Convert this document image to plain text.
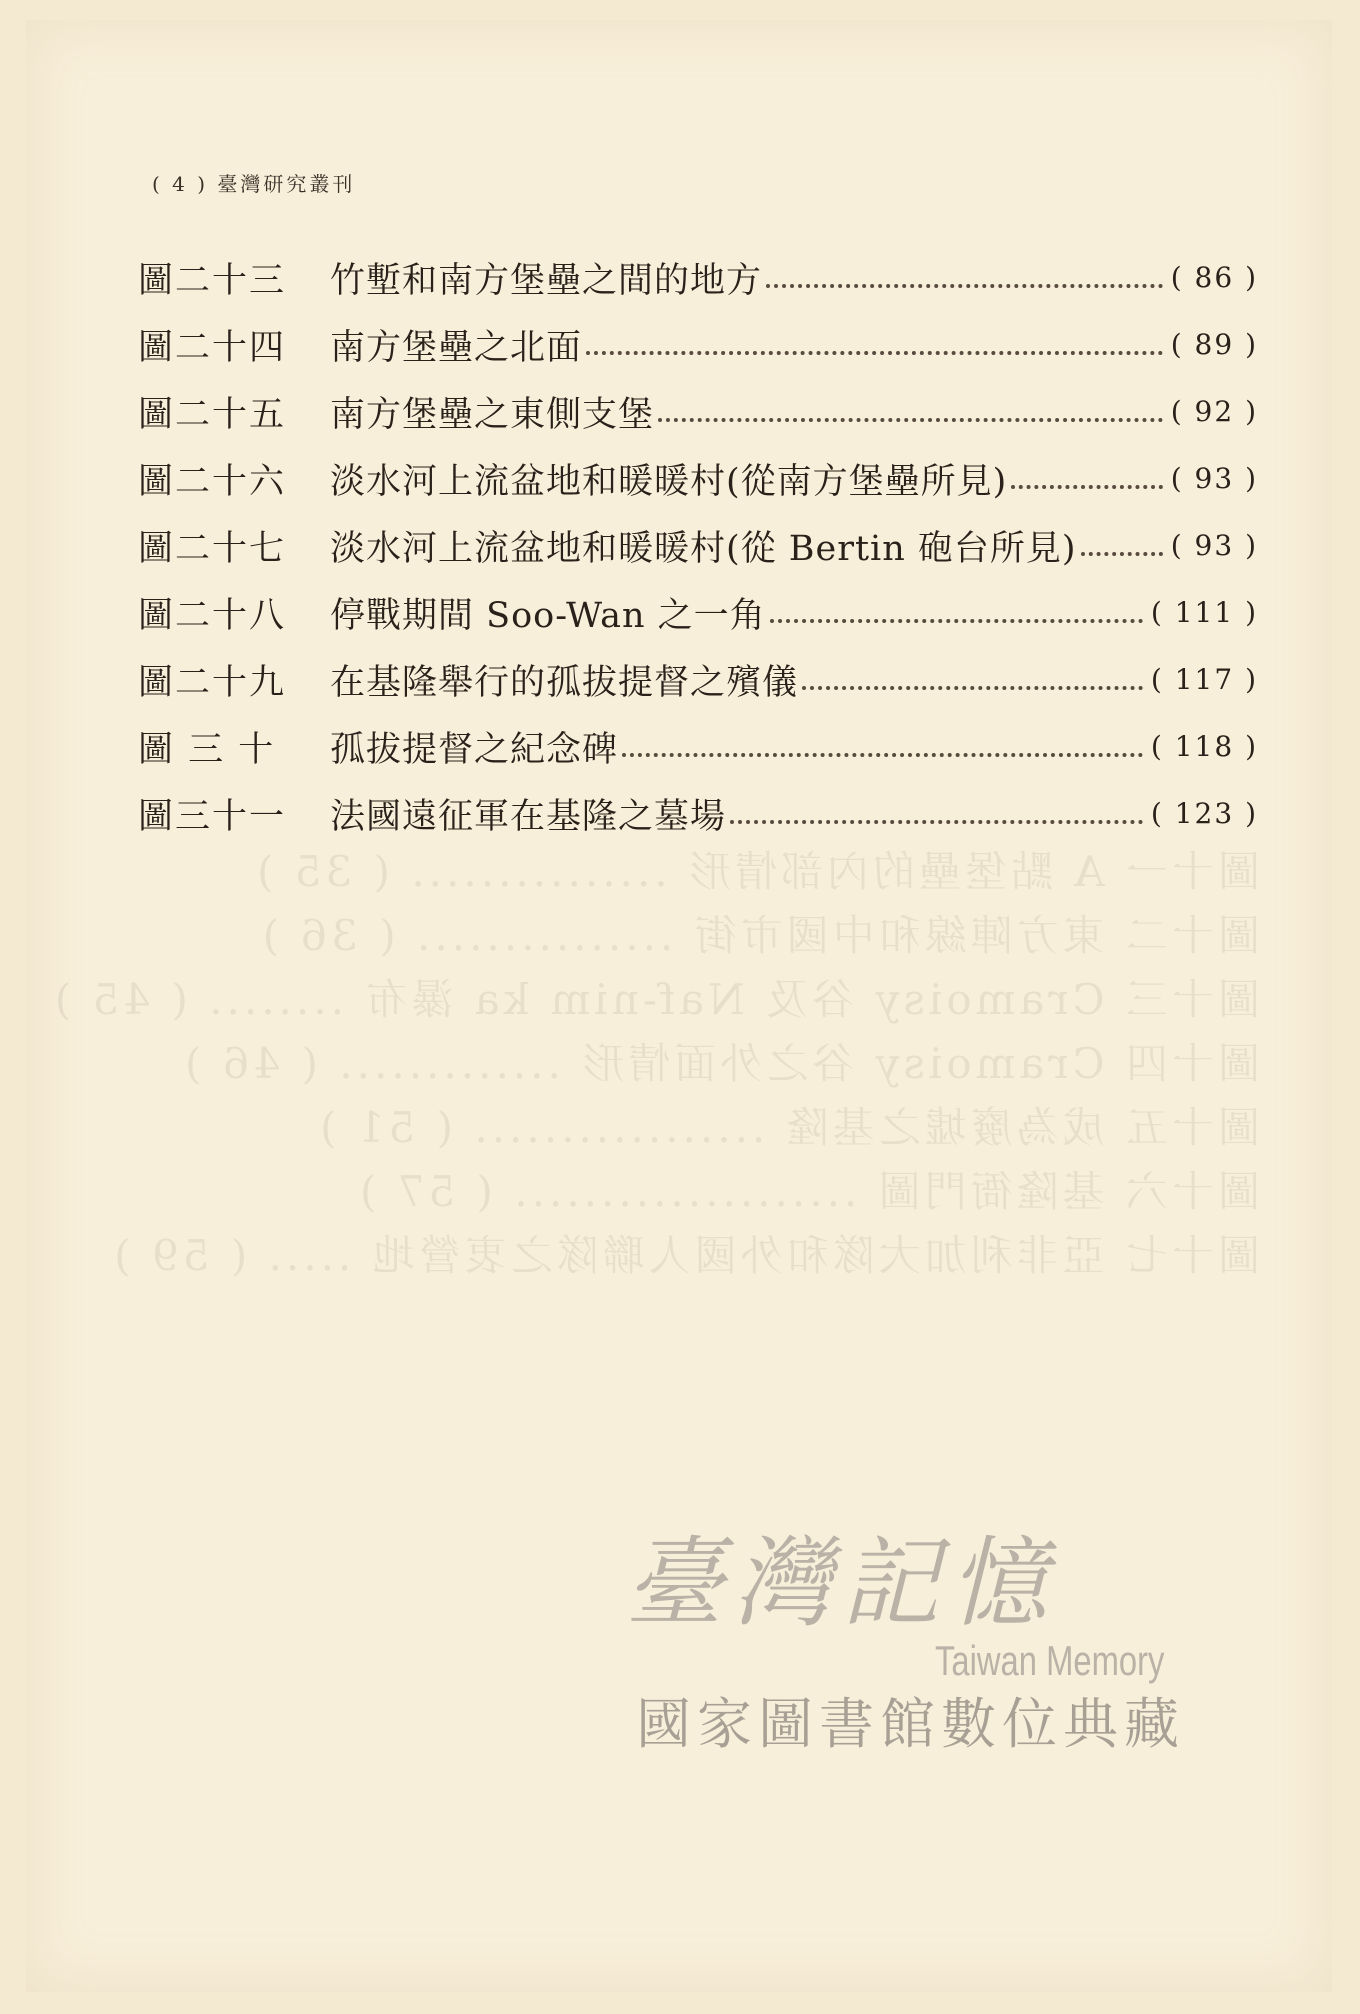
( 4 ) 臺灣研究叢刊
圖二十三	竹塹和南方堡壘之間的地方	( 86 )
圖二十四	南方堡壘之北面	( 89 )
圖二十五	南方堡壘之東側支堡	( 92 )
圖二十六	淡水河上流盆地和暖暖村(從南方堡壘所見)	( 93 )
圖二十七	淡水河上流盆地和暖暖村(從 Bertin 砲台所見)	( 93 )
圖二十八	停戰期間 Soo-Wan 之一角	( 111 )
圖二十九	在基隆舉行的孤拔提督之殯儀	( 117 )
圖 三 十	孤拔提督之紀念碑	( 118 )
圖三十一	法國遠征軍在基隆之墓場	( 123 )
臺灣記憶
Taiwan Memory
國家圖書館數位典藏
